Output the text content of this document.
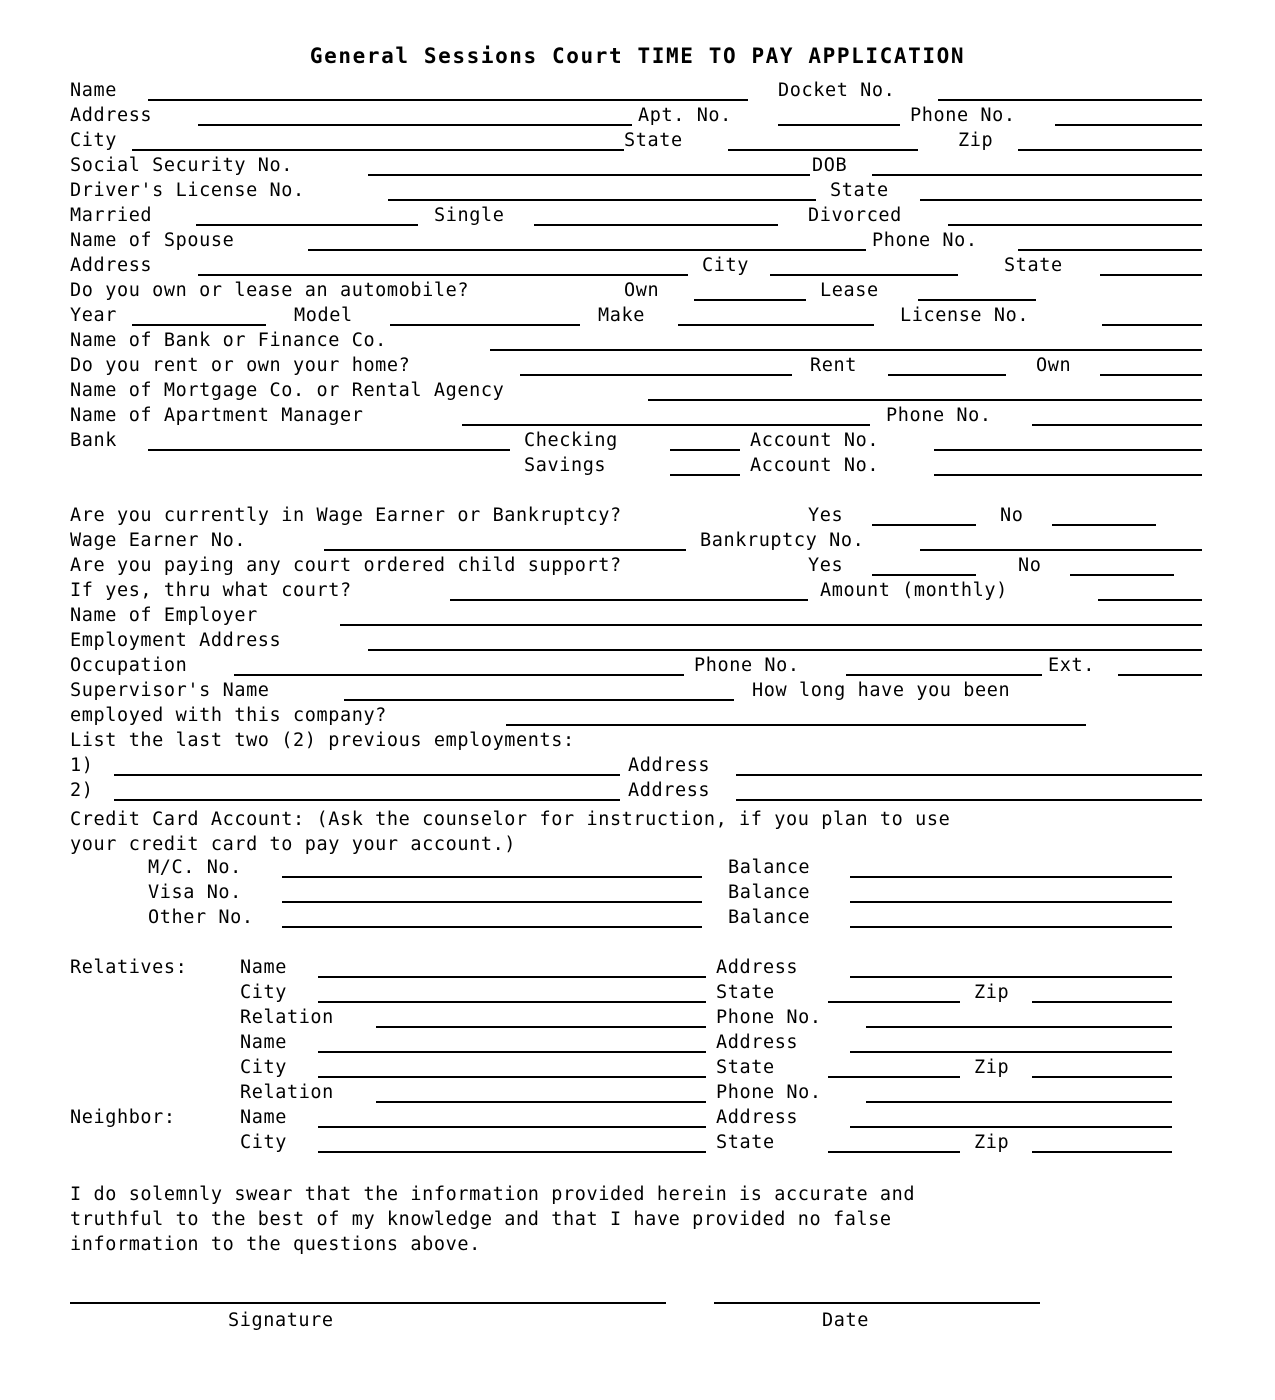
General Sessions Court TIME TO PAY APPLICATION
Name	Docket No.
Address	Apt. No.	Phone No.
City	State	Zip
Social Security No.	DOB
Driver's License No.	State
Married	Single	Divorced
Name of Spouse	Phone No.
Address	City	State
Do you own or lease an automobile?	Own	Lease
Year	Model	Make	License No.
Name of Bank or Finance Co.
Do you rent or own your home?	Rent	Own
Name of Mortgage Co. or Rental Agency
Name of Apartment Manager	Phone No.
Bank	Checking	Account No.
Savings	Account No.
Are you currently in Wage Earner or Bankruptcy?	Yes	No
Wage Earner No.	Bankruptcy No.
Are you paying any court ordered child support?	Yes	No
If yes, thru what court?	Amount (monthly)
Name of Employer
Employment Address
Occupation	Phone No.	Ext.
Supervisor's Name	How long have you been
employed with this company?
List the last two (2) previous employments:
1)	Address
2)	Address
Credit Card Account: (Ask the counselor for instruction, if you plan to use
your credit card to pay your account.)
M/C. No.	Balance
Visa No.	Balance
Other No.	Balance
Relatives:	Name	Address
City	State	Zip
Relation	Phone No.
Name	Address
City	State	Zip
Relation	Phone No.
Neighbor:	Name	Address
City	State	Zip
I do solemnly swear that the information provided herein is accurate and
truthful to the best of my knowledge and that I have provided no false
information to the questions above.
Signature	Date
